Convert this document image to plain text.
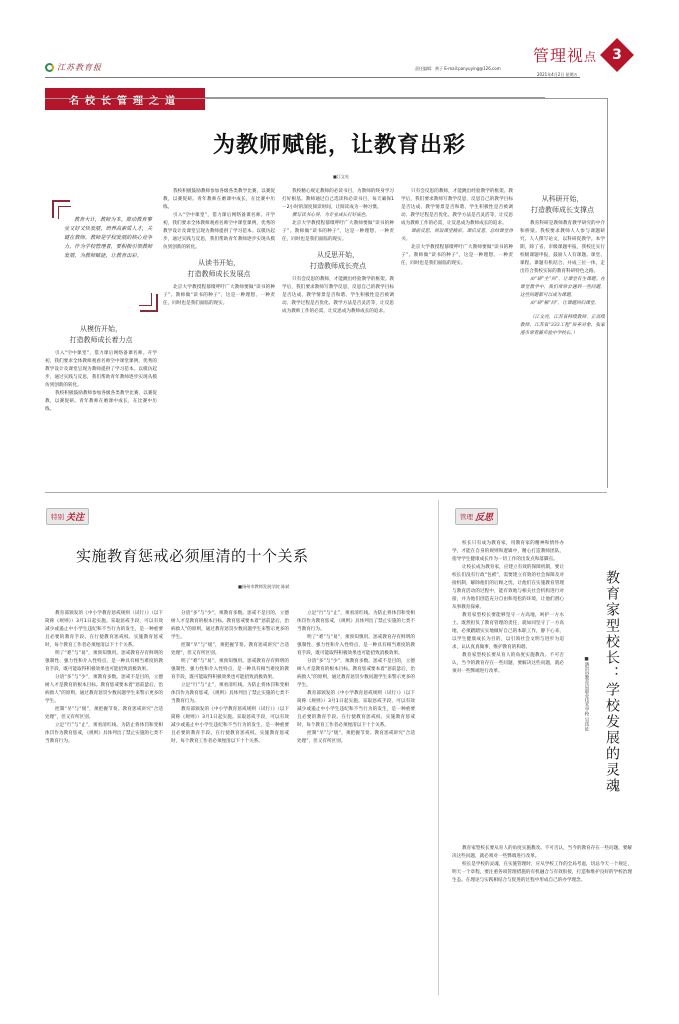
江苏教育报
名校长管理之道
责任编辑：黄子 E-mail:panyuying@126.com
2021年4月2日 星期五
管理视点	3
为教师赋能，让教育出彩
■江文亮
教育大计，教师为本。推动教育事业又好又快发展，培养高素质人才，关键在教师。教师是学校发展的核心竞争力，作为学校管理者，要积极引领教师发展，为教师赋能，让教育出彩。
从模仿开始，
打造教师成长着力点

引入“空中课堂”，借力课后网络备课名师。开学初，我们要求全体教师观看名师空中课堂课例，优秀的教学设计及课堂呈现为教师提供了学习范本。以模仿起步，通过实践与反思，我们帮助青年教师逐步实现从模仿到创新的转化。

我校积极鼓励教师参加各级各类教学比赛，以赛促教，以赛促研。青年教师在磨课中成长，在比赛中历练。

我校积极鼓励教师参加各级各类教学比赛，以赛促教，以赛促研。青年教师在磨课中成长，在比赛中历练。

引入“空中课堂”，借力课后网络备课名师。开学初，我们要求全体教师观看名师空中课堂课例，优秀的教学设计及课堂呈现为教师提供了学习范本。以模仿起步，通过实践与反思，我们帮助青年教师逐步实现从模仿到创新的转化。

从读书开始，
打造教师成长发展点

北京大学教授程郁缀呼吁广大教师要做“读书的种子”。教师做“读书的种子”，这是一种理想、一种责任，同时也是我们面临的现实。

我校精心规定教师的必读书目，为教师的终身学习打好根基。教师通过自己选读和必读书目，每天确保1－2小时的深度阅读时间，让阅读成为一种习惯。

撰写读书心得，为专业成长打好底色。

北京大学教授程郁缀呼吁广大教师要做“读书的种子”。教师做“读书的种子”，这是一种理想、一种责任，同时也是我们面临的现实。

从反思开始，
打造教师成长亮点

只有会反思的教师，才能跳出经验教学的框架。教学后，我们要求教师写教学反思，反思自己的教学目标是否达成、教学情景是否和谐、学生积极性是否被调动、教学过程是否优化、教学方法是否灵活等，让反思成为教师工作的必需，让反思成为教师成长的追求。

只有会反思的教师，才能跳出经验教学的框架。教学后，我们要求教师写教学反思，反思自己的教学目标是否达成、教学情景是否和谐、学生积极性是否被调动、教学过程是否优化、教学方法是否灵活等，让反思成为教师工作的必需，让反思成为教师成长的追求。

课前反思，预设课堂精彩。课后反思，总结课堂得失。

北京大学教授程郁缀呼吁广大教师要做“读书的种子”。教师做“读书的种子”，这是一种理想、一种责任，同时也是我们面临的现实。

从科研开始，
打造教师成长支撑点

教育科研是教师教育教学研究的中介和桥梁。我校要求教师人人参与课题研究、人人撰写论文，以科研促教学。本学期，除了省、市级课题申报，我校还实行校级课题申报，鼓励人人有课题。课堂、课程、课题有机结合，并成三位一体，走出符合我校实际的教育科研特色之路。

由“研”生“问”，让课堂有生课题。在课堂教学中，我们常常会遇到一些问题，这些问题都可以成为课题。

由“研”解“问”，让课题回归课堂。

（江文亮，江苏省特级教师，正高级教师，江苏省“333工程”培养对象，张家港市常青藤实验中学校长。）

特别 关注
实施教育惩戒必须厘清的十个关系
■扬州市教师发展学院 陈斌

教育部颁发的《中小学教育惩戒规则（试行）》（以下简称《规则》）3月1日起实施。采取惩戒手段，可以有效减少或遏止中小学生违纪和不当行为的发生，是一种重要且必要的教育手段。在行使教育惩戒权、实施教育惩戒时，每个教育工作者必须厘清以下十个关系。

明了“难”与“易”，须预知慎用。惩戒教育存有鲜明的强制性、强力性和介入性特点，是一种具有相当难度的教育手段，既可能取得积极效果也可能招致消极效果。

分清“多”与“少”，须教育多数。惩戒不是目的，立德树人才是教育的根本目标。教育惩戒要本着“惩前毖后，治病救人”的原则，通过教育惩罚少数问题学生来警示更多的学生。

控制“早”与“缓”，须把握节奏。教育惩戒讲究“合适处理”，但又有所区别。

立足“行”与“止”，须看清红线。为防止将体罚和变相体罚作为教育惩戒，《规则》具体列出了禁止实施的七类不当教育行为。

分清“多”与“少”，须教育多数。惩戒不是目的，立德树人才是教育的根本目标。教育惩戒要本着“惩前毖后，治病救人”的原则，通过教育惩罚少数问题学生来警示更多的学生。

控制“早”与“缓”，须把握节奏。教育惩戒讲究“合适处理”，但又有所区别。

明了“难”与“易”，须预知慎用。惩戒教育存有鲜明的强制性、强力性和介入性特点，是一种具有相当难度的教育手段，既可能取得积极效果也可能招致消极效果。

立足“行”与“止”，须看清红线。为防止将体罚和变相体罚作为教育惩戒，《规则》具体列出了禁止实施的七类不当教育行为。

教育部颁发的《中小学教育惩戒规则（试行）》（以下简称《规则》）3月1日起实施。采取惩戒手段，可以有效减少或遏止中小学生违纪和不当行为的发生，是一种重要且必要的教育手段。在行使教育惩戒权、实施教育惩戒时，每个教育工作者必须厘清以下十个关系。

立足“行”与“止”，须看清红线。为防止将体罚和变相体罚作为教育惩戒，《规则》具体列出了禁止实施的七类不当教育行为。

明了“难”与“易”，须预知慎用。惩戒教育存有鲜明的强制性、强力性和介入性特点，是一种具有相当难度的教育手段，既可能取得积极效果也可能招致消极效果。

分清“多”与“少”，须教育多数。惩戒不是目的，立德树人才是教育的根本目标。教育惩戒要本着“惩前毖后，治病救人”的原则，通过教育惩罚少数问题学生来警示更多的学生。

教育部颁发的《中小学教育惩戒规则（试行）》（以下简称《规则》）3月1日起实施。采取惩戒手段，可以有效减少或遏止中小学生违纪和不当行为的发生，是一种重要且必要的教育手段。在行使教育惩戒权、实施教育惩戒时，每个教育工作者必须厘清以下十个关系。

控制“早”与“缓”，须把握节奏。教育惩戒讲究“合适处理”，但又有所区别。

管理 反思

校长只有成为教育家，用教育家的精神和情怀办学，才能在自身的规则和逻辑中，精心打造教师团队，指导学生健康成长作为一切工作的出发点和落脚点。

让校长成为教育家，应建立有效的保障机制，要让校长们没有行政“包袱”，需要建立有效的社会保障及对接机制，解除他们的后顾之忧，让他们在实施教育管理与教育活动的过程中，能有效地与相关社会机构进行对接，并为他们创造充分自由和宽松的环境，让他们潜心从事教育探索。

教育家型校长要能够坚守一方高地，呵护一方水土。既然担负了教育管理的责任，就如同坚守了一方高地，必须踏踏实实地做好自己的本职工作，静下心来，以学生健康成长为目的，以引领社会文明与进步为追求，认认真真做事，维护教育的和谐。

教育家型校长要从育人的角度实施教改。不可否认，当今的教育存在一些问题，要解决这些问题，就必须对一些弊端进行改革。	教育家型校长：学校发展的灵魂
■泗洪县教育局职业技术学校 吴玮征

教育家型校长要从育人的角度实施教改。不可否认，当今的教育存在一些问题，要解决这些问题，就必须对一些弊端进行改革。

校长是学校的灵魂，在实施管理时，应从学校工作的全局考虑，切忌今天一个规定，明天一个章程，要注重各项管理措施的有机融合与有效衔接，打造和维护良好的学校治理生态。在理论与实践相结合与促进的过程中形成自己的办学理念。
